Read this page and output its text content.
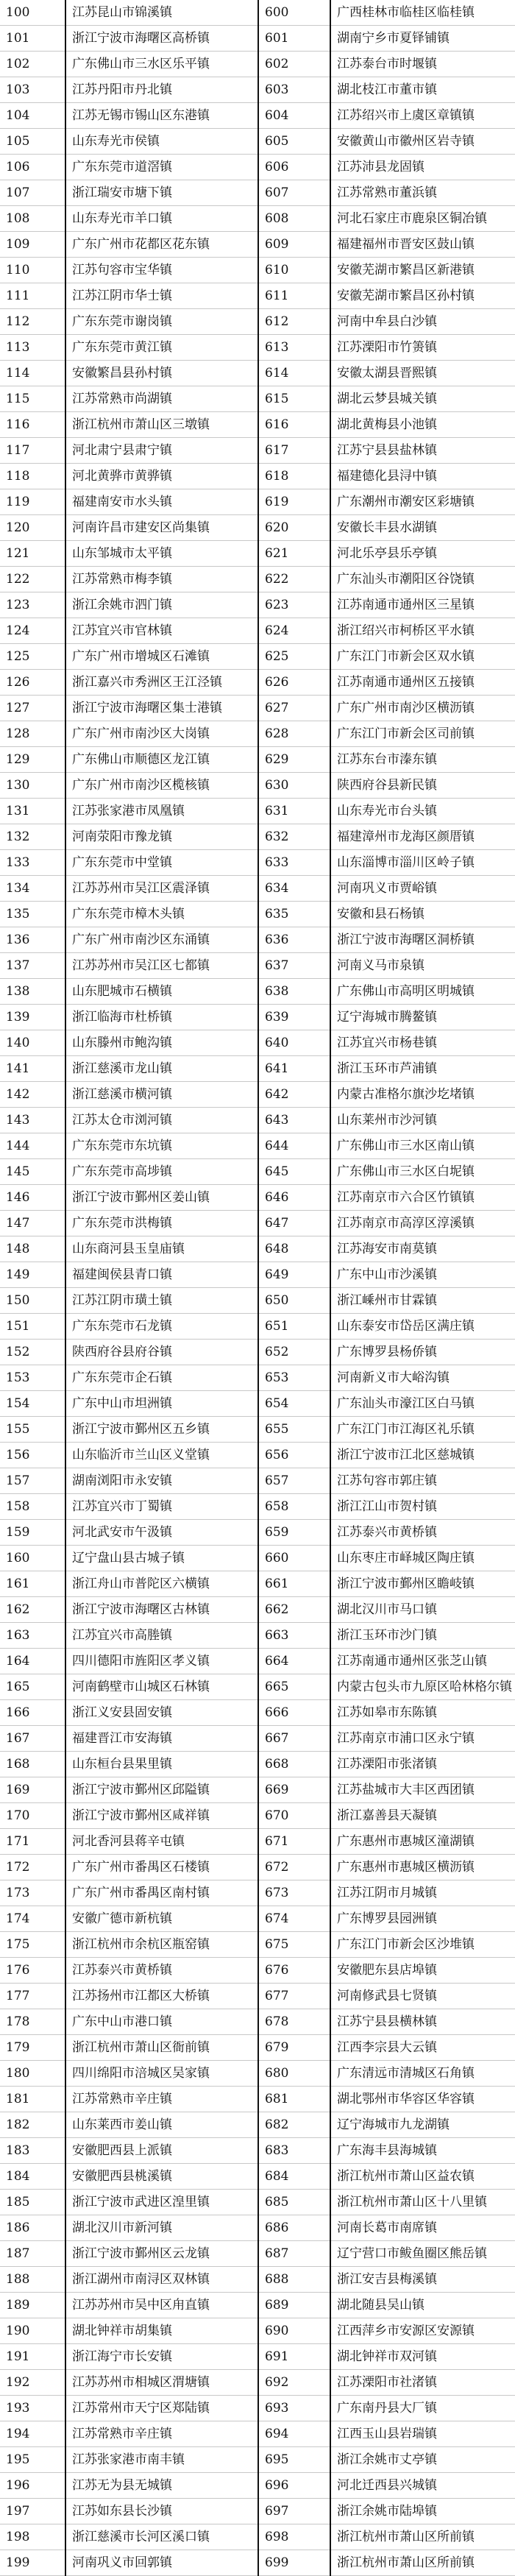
100	江苏昆山市锦溪镇	600	广西桂林市临桂区临桂镇
101	浙江宁波市海曙区高桥镇	601	湖南宁乡市夏铎铺镇
102	广东佛山市三水区乐平镇	602	江苏泰台市时堰镇
103	江苏丹阳市丹北镇	603	湖北枝江市董市镇
104	江苏无锡市锡山区东港镇	604	江苏绍兴市上虞区章镇镇
105	山东寿光市侯镇	605	安徽黄山市徽州区岩寺镇
106	广东东莞市道滘镇	606	江苏沛县龙固镇
107	浙江瑞安市塘下镇	607	江苏常熟市董浜镇
108	山东寿光市羊口镇	608	河北石家庄市鹿泉区铜冶镇
109	广东广州市花都区花东镇	609	福建福州市晋安区鼓山镇
110	江苏句容市宝华镇	610	安徽芜湖市繁昌区新港镇
111	江苏江阴市华士镇	611	安徽芜湖市繁昌区孙村镇
112	广东东莞市谢岗镇	612	河南中牟县白沙镇
113	广东东莞市黄江镇	613	江苏溧阳市竹箦镇
114	安徽繁昌县孙村镇	614	安徽太湖县晋熙镇
115	江苏常熟市尚湖镇	615	湖北云梦县城关镇
116	浙江杭州市萧山区三墩镇	616	湖北黄梅县小池镇
117	河北肃宁县肃宁镇	617	江苏宁县县盐林镇
118	河北黄骅市黄骅镇	618	福建德化县浔中镇
119	福建南安市水头镇	619	广东潮州市潮安区彩塘镇
120	河南许昌市建安区尚集镇	620	安徽长丰县水湖镇
121	山东邹城市太平镇	621	河北乐亭县乐亭镇
122	江苏常熟市梅李镇	622	广东汕头市潮阳区谷饶镇
123	浙江余姚市泗门镇	623	江苏南通市通州区三星镇
124	江苏宜兴市官林镇	624	浙江绍兴市柯桥区平水镇
125	广东广州市增城区石滩镇	625	广东江门市新会区双水镇
126	浙江嘉兴市秀洲区王江泾镇	626	江苏南通市通州区五接镇
127	浙江宁波市海曙区集士港镇	627	广东广州市南沙区横沥镇
128	广东广州市南沙区大岗镇	628	广东江门市新会区司前镇
129	广东佛山市顺德区龙江镇	629	江苏东台市溱东镇
130	广东广州市南沙区榄核镇	630	陕西府谷县新民镇
131	江苏张家港市凤凰镇	631	山东寿光市台头镇
132	河南荥阳市豫龙镇	632	福建漳州市龙海区颜厝镇
133	广东东莞市中堂镇	633	山东淄博市淄川区岭子镇
134	江苏苏州市吴江区震泽镇	634	河南巩义市贾峪镇
135	广东东莞市樟木头镇	635	安徽和县石杨镇
136	广东广州市南沙区东涌镇	636	浙江宁波市海曙区洞桥镇
137	江苏苏州市吴江区七都镇	637	河南义马市泉镇
138	山东肥城市石横镇	638	广东佛山市高明区明城镇
139	浙江临海市杜桥镇	639	辽宁海城市腾鳌镇
140	山东滕州市鲍沟镇	640	江苏宜兴市杨巷镇
141	浙江慈溪市龙山镇	641	浙江玉环市芦浦镇
142	浙江慈溪市横河镇	642	内蒙古准格尔旗沙圪堵镇
143	江苏太仓市浏河镇	643	山东莱州市沙河镇
144	广东东莞市东坑镇	644	广东佛山市三水区南山镇
145	广东东莞市高埗镇	645	广东佛山市三水区白坭镇
146	浙江宁波市鄞州区姜山镇	646	江苏南京市六合区竹镇镇
147	广东东莞市洪梅镇	647	江苏南京市高淳区淳溪镇
148	山东商河县玉皇庙镇	648	江苏海安市南莫镇
149	福建闽侯县青口镇	649	广东中山市沙溪镇
150	江苏江阴市璜土镇	650	浙江嵊州市甘霖镇
151	广东东莞市石龙镇	651	山东泰安市岱岳区满庄镇
152	陕西府谷县府谷镇	652	广东博罗县杨侨镇
153	广东东莞市企石镇	653	河南新义市大峪沟镇
154	广东中山市坦洲镇	654	广东汕头市濠江区白马镇
155	浙江宁波市鄞州区五乡镇	655	广东江门市江海区礼乐镇
156	山东临沂市兰山区义堂镇	656	浙江宁波市江北区慈城镇
157	湖南浏阳市永安镇	657	江苏句容市郭庄镇
158	江苏宜兴市丁蜀镇	658	浙江江山市贺村镇
159	河北武安市午汲镇	659	江苏泰兴市黄桥镇
160	辽宁盘山县古城子镇	660	山东枣庄市峄城区陶庄镇
161	浙江舟山市普陀区六横镇	661	浙江宁波市鄞州区瞻岐镇
162	浙江宁波市海曙区古林镇	662	湖北汉川市马口镇
163	江苏宜兴市高塍镇	663	浙江玉环市沙门镇
164	四川德阳市旌阳区孝义镇	664	江苏南通市通州区张芝山镇
165	河南鹤壁市山城区石林镇	665	内蒙古包头市九原区哈林格尔镇
166	浙江义安县固安镇	666	江苏如皋市东陈镇
167	福建晋江市安海镇	667	江苏南京市浦口区永宁镇
168	山东桓台县果里镇	668	江苏溧阳市张渚镇
169	浙江宁波市鄞州区邱隘镇	669	江苏盐城市大丰区西团镇
170	浙江宁波市鄞州区咸祥镇	670	浙江嘉善县天凝镇
171	河北香河县蒋辛屯镇	671	广东惠州市惠城区潼湖镇
172	广东广州市番禺区石楼镇	672	广东惠州市惠城区横沥镇
173	广东广州市番禺区南村镇	673	江苏江阴市月城镇
174	安徽广德市新杭镇	674	广东博罗县园洲镇
175	浙江杭州市余杭区瓶窑镇	675	广东江门市新会区沙堆镇
176	江苏泰兴市黄桥镇	676	安徽肥东县店埠镇
177	江苏扬州市江都区大桥镇	677	河南修武县七贤镇
178	广东中山市港口镇	678	江苏宁县县横林镇
179	浙江杭州市萧山区衙前镇	679	江西李宗县大云镇
180	四川绵阳市涪城区吴家镇	680	广东清远市清城区石角镇
181	江苏常熟市辛庄镇	681	湖北鄂州市华容区华容镇
182	山东莱西市姜山镇	682	辽宁海城市九龙湖镇
183	安徽肥西县上派镇	683	广东海丰县海城镇
184	安徽肥西县桃溪镇	684	浙江杭州市萧山区益农镇
185	浙江宁波市武进区湟里镇	685	浙江杭州市萧山区十八里镇
186	湖北汉川市新河镇	686	河南长葛市南席镇
187	浙江宁波市鄞州区云龙镇	687	辽宁营口市鲅鱼圈区熊岳镇
188	浙江湖州市南浔区双林镇	688	浙江安吉县梅溪镇
189	江苏苏州市吴中区甪直镇	689	湖北随县吴山镇
190	湖北钟祥市胡集镇	690	江西萍乡市安源区安源镇
191	浙江海宁市长安镇	691	湖北钟祥市双河镇
192	江苏苏州市相城区渭塘镇	692	江苏溧阳市社渚镇
193	江苏常州市天宁区郑陆镇	693	广东南丹县大厂镇
194	江苏常熟市辛庄镇	694	江西玉山县岩瑞镇
195	江苏张家港市南丰镇	695	浙江余姚市丈亭镇
196	江苏无为县无城镇	696	河北迁西县兴城镇
197	江苏如东县长沙镇	697	浙江余姚市陆埠镇
198	浙江慈溪市长河区溪口镇	698	浙江杭州市萧山区所前镇
199	河南巩义市回郭镇	699	浙江杭州市萧山区所前镇
